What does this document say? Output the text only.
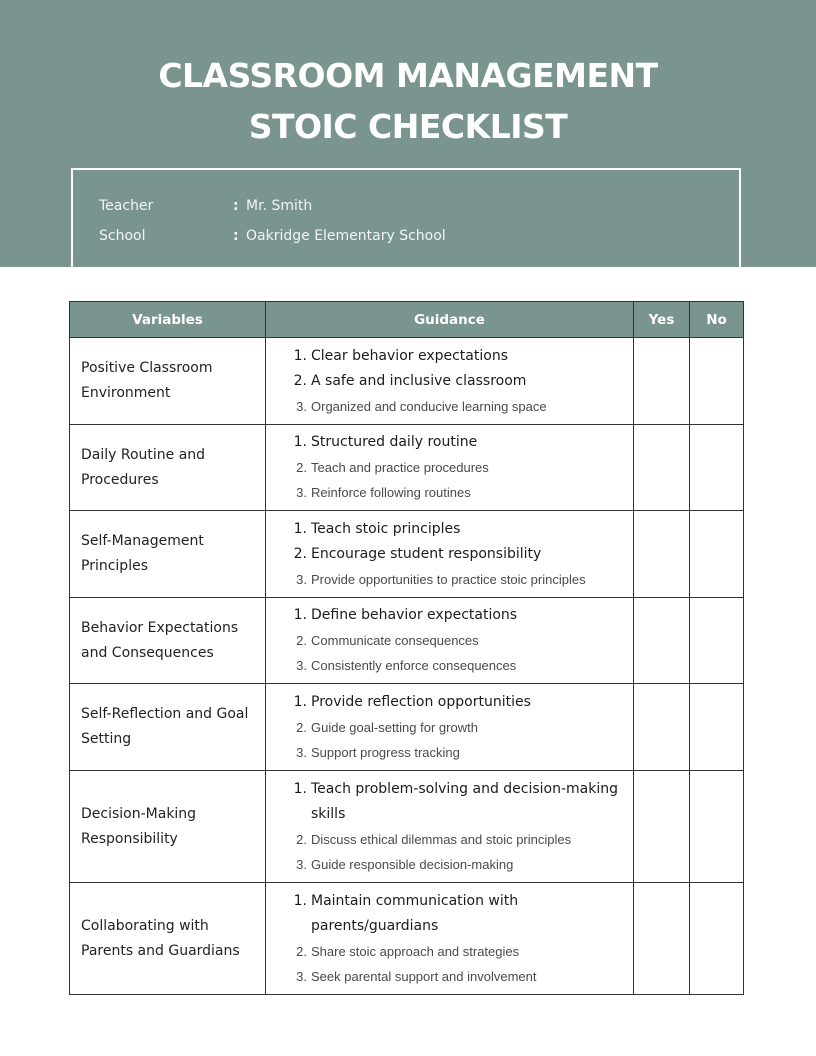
CLASSROOM MANAGEMENT
STOIC CHECKLIST
Teacher	: Mr. Smith
School	: Oakridge Elementary School
Variables	Guidance	Yes	No
Positive Classroom Environment	
1. Clear behavior expectations
2. A safe and inclusive classroom
3. Organized and conducive learning space

Daily Routine and Procedures	
1. Structured daily routine
2. Teach and practice procedures
3. Reinforce following routines

Self-Management Principles	
1. Teach stoic principles
2. Encourage student responsibility
3. Provide opportunities to practice stoic principles

Behavior Expectations and Consequences	
1. Define behavior expectations
2. Communicate consequences
3. Consistently enforce consequences

Self-Reflection and Goal Setting	
1. Provide reflection opportunities
2. Guide goal-setting for growth
3. Support progress tracking

Decision-Making Responsibility	
1. Teach problem-solving and decision-making skills
2. Discuss ethical dilemmas and stoic principles
3. Guide responsible decision-making

Collaborating with Parents and Guardians	
1. Maintain communication with parents/guardians
2. Share stoic approach and strategies
3. Seek parental support and involvement
